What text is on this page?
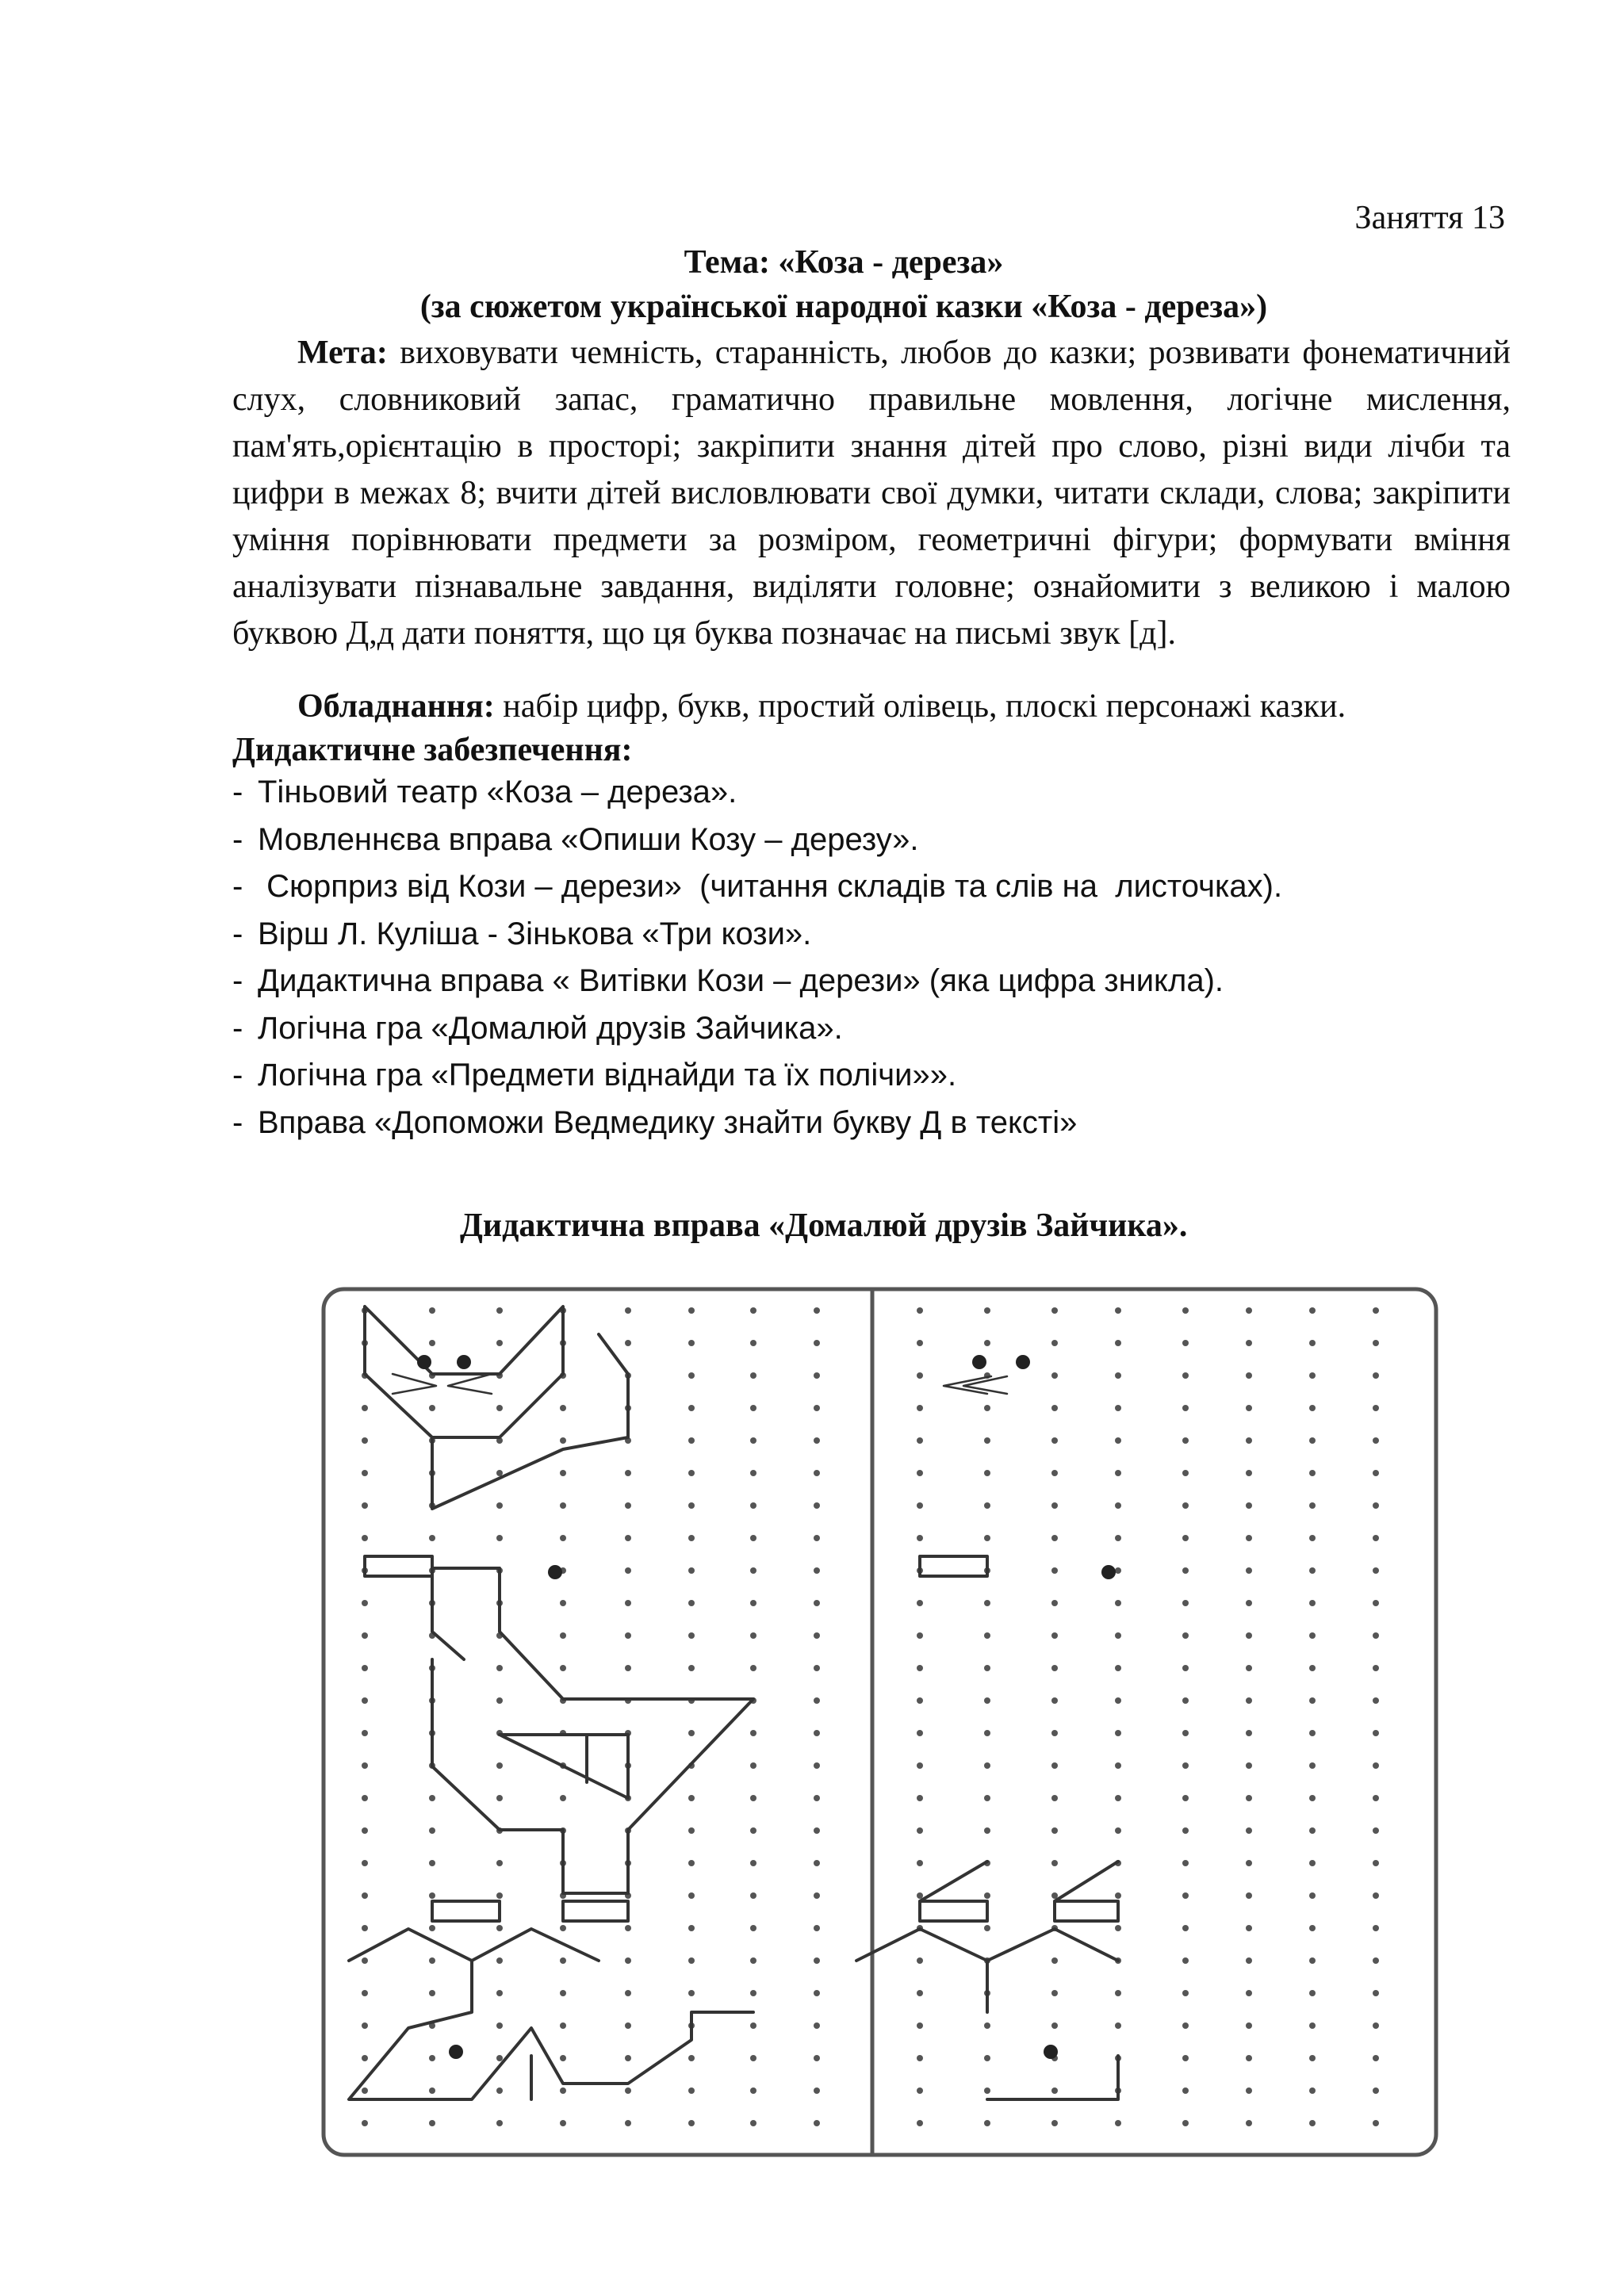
Заняття 13
Тема: «Коза - дереза»
(за сюжетом української народної казки «Коза - дереза»)

Мета: виховувати чемність, старанність, любов до казки; розвивати фонематичний слух, словниковий запас, граматично правильне мовлення, логічне мислення, пам'ять,орієнтацію в просторі; закріпити знання дітей про слово, різні види лічби та цифри в межах 8; вчити дітей висловлювати свої думки, читати склади, слова; закріпити уміння порівнювати предмети за розміром, геометричні фігури; формувати вміння аналізувати пізнавальне завдання, виділяти головне; ознайомити з великою і малою буквою Д,д дати поняття, що ця буква позначає на письмі звук [д].

Обладнання: набір цифр, букв, простий олівець, плоскі персонажі казки.

Дидактичне забезпечення:
- Тіньовий театр «Коза – дереза».
- Мовленнєва вправа «Опиши Козу – дерезу».
- Сюрприз від Кози – дерези»  (читання складів та слів на  листочках).
- Вірш Л. Куліша - Зінькова «Три кози».
- Дидактична вправа « Витівки Кози – дерези» (яка цифра зникла).
- Логічна гра «Домалюй друзів Зайчика».
- Логічна гра «Предмети віднайди та їх полічи»».
- Вправа «Допоможи Ведмедику знайти букву Д в тексті»
Дидактична вправа «Домалюй друзів Зайчика».
